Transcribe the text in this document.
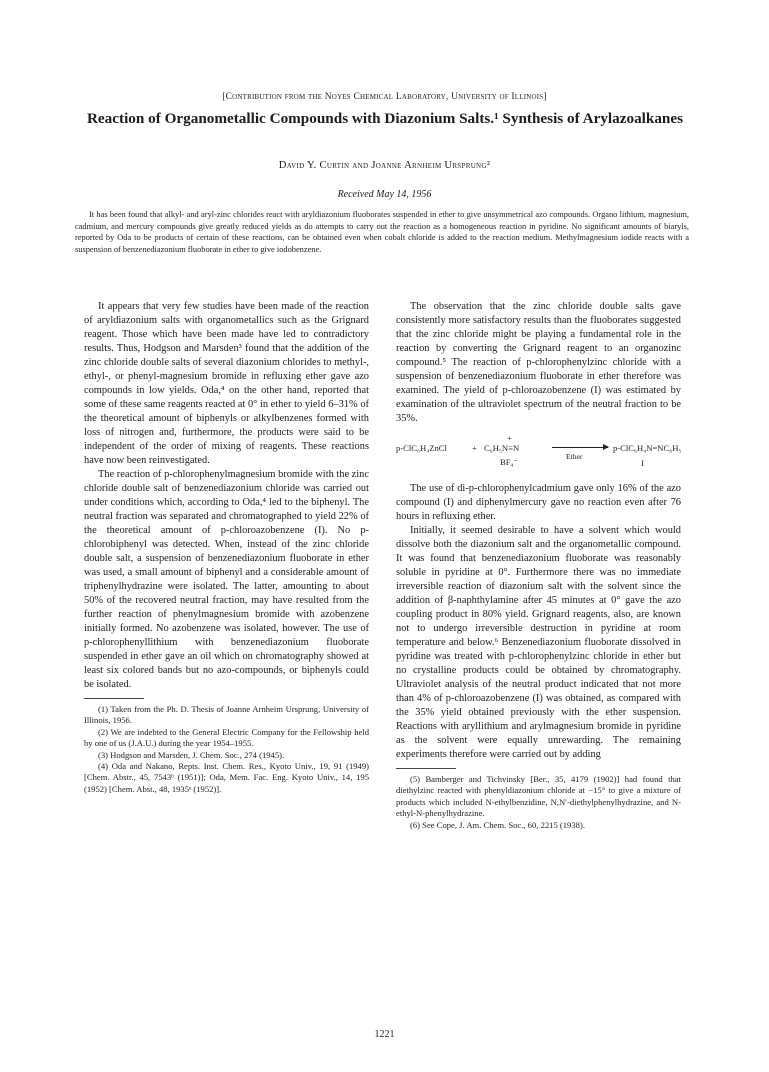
[Contribution from the Noyes Chemical Laboratory, University of Illinois]
Reaction of Organometallic Compounds with Diazonium Salts.¹ Synthesis of Arylazoalkanes
David Y. Curtin and Joanne Arnheim Ursprung²
Received May 14, 1956
It has been found that alkyl- and aryl-zinc chlorides react with aryldiazonium fluoborates suspended in ether to give unsymmetrical azo compounds. Organo lithium, magnesium, cadmium, and mercury compounds give greatly reduced yields as do attempts to carry out the reaction as a homogeneous reaction in pyridine. No significant amounts of biaryls, reported by Oda to be products of certain of these reactions, can be obtained even when cobalt chloride is added to the reaction medium. Methylmagnesium iodide reacts with a suspension of benzenediazonium fluoborate in ether to give iodobenzene.

It appears that very few studies have been made of the reaction of aryldiazonium salts with organometallics such as the Grignard reagent. Those which have been made have led to contradictory results. Thus, Hodgson and Marsden³ found that the addition of the zinc chloride double salts of several diazonium chlorides to methyl-, ethyl-, or phenyl-magnesium bromide in refluxing ether gave azo compounds in low yields. Oda,⁴ on the other hand, reported that some of these same reagents reacted at 0° in ether to yield 6–31% of the theoretical amount of biphenyls or alkylbenzenes formed with loss of nitrogen and, furthermore, the products were said to be independent of the order of mixing of reagents. These reactions have now been reinvestigated.

The reaction of p-chlorophenylmagnesium bromide with the zinc chloride double salt of benzenediazonium chloride was carried out under conditions which, according to Oda,⁴ led to the biphenyl. The neutral fraction was separated and chromatographed to yield 22% of the theoretical amount of p-chloroazobenzene (I). No p-chlorobiphenyl was detected. When, instead of the zinc chloride double salt, a suspension of benzenediazonium fluoborate in ether was used, a small amount of biphenyl and a considerable amount of triphenylhydrazine were isolated. The latter, amounting to about 50% of the recovered neutral fraction, may have resulted from the further reaction of phenylmagnesium bromide with azobenzene initially formed. No azobenzene was isolated, however. The use of p-chlorophenyllithium with benzenediazonium fluoborate suspended in ether gave an oil which on chromatography showed at least six colored bands but no azo-compounds, or biphenyls could be isolated.

(1) Taken from the Ph. D. Thesis of Joanne Arnheim Ursprung, University of Illinois, 1956.

(2) We are indebted to the General Electric Company for the Fellowship held by one of us (J.A.U.) during the year 1954–1955.

(3) Hodgson and Marsden, J. Chem. Soc., 274 (1945).

(4) Oda and Nakano, Repts. Inst. Chem. Res., Kyoto Univ., 19, 91 (1949) [Chem. Abstr., 45, 7543ᵇ (1951)]; Oda, Mem. Fac. Eng. Kyoto Univ., 14, 195 (1952) [Chem. Abst., 48, 1935ᵉ (1952)].

The observation that the zinc chloride double salts gave consistently more satisfactory results than the fluoborates suggested that the zinc chloride might be playing a fundamental role in the reaction by converting the Grignard reagent to an organozinc compound.⁵ The reaction of p-chlorophenylzinc chloride with a suspension of benzenediazonium fluoborate in ether therefore was examined. The yield of p-chloroazobenzene (I) was estimated by examination of the ultraviolet spectrum of the neutral fraction to be 35%.

p-ClC₆H₄ZnCl	+ C₆H₅N≡N
+
BF₄⁻
Ether
p-ClC₆H₄N=NC₆H₅
I

The use of di-p-chlorophenylcadmium gave only 16% of the azo compound (I) and diphenylmercury gave no reaction even after 76 hours in refluxing ether.

Initially, it seemed desirable to have a solvent which would dissolve both the diazonium salt and the organometallic compound. It was found that benzenediazonium fluoborate was reasonably soluble in pyridine at 0°. Furthermore there was no immediate irreversible reaction of diazonium salt with the solvent since the addition of β-naphthylamine after 45 minutes at 0° gave the azo coupling product in 80% yield. Grignard reagents, also, are known not to undergo irreversible destruction in pyridine at room temperature and below.⁶ Benzenediazonium fluoborate dissolved in pyridine was treated with p-chlorophenylzinc chloride in ether but no crystalline products could be obtained by chromatography. Ultraviolet analysis of the neutral product indicated that not more than 4% of p-chloroazobenzene (I) was obtained, as compared with the 35% yield obtained previously with the ether suspension. Reactions with aryllithium and arylmagnesium bromide in pyridine as the solvent were equally unrewarding. The remaining experiments therefore were carried out by adding

(5) Bamberger and Tichvinsky [Ber., 35, 4179 (1902)] had found that diethylzinc reacted with phenyldiazonium chloride at −15° to give a mixture of products which included N-ethylbenzidine, N,N′-diethylphenylhydrazine, and N-ethyl-N-phenylhydrazine.

(6) See Cope, J. Am. Chem. Soc., 60, 2215 (1938).

1221
